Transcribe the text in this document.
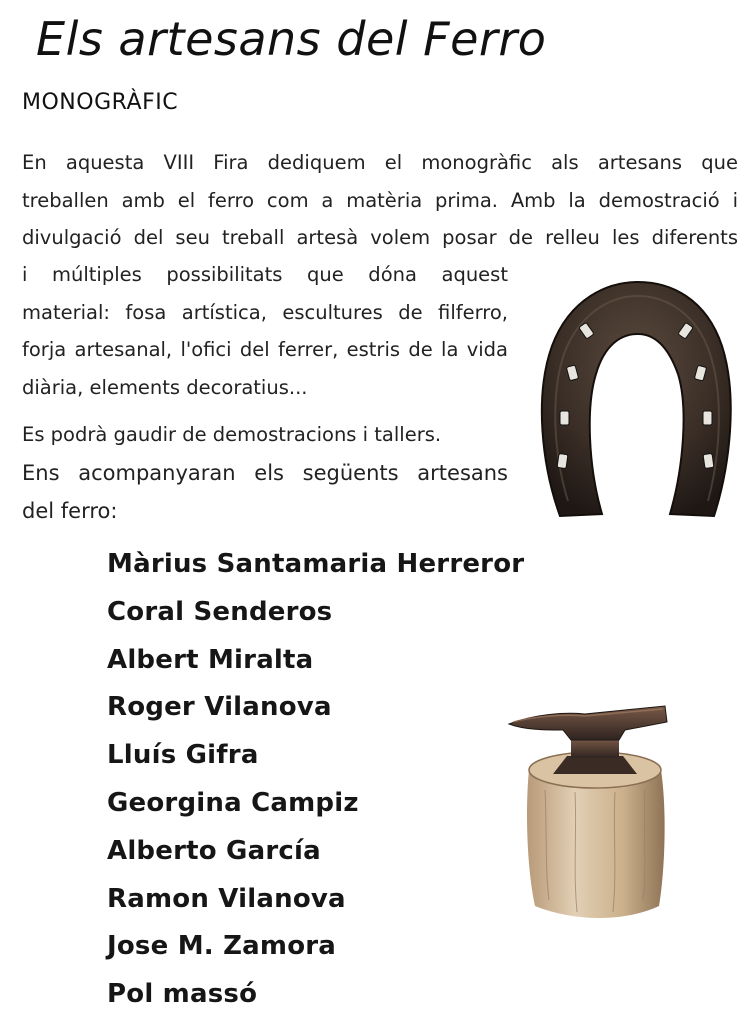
Els artesans del Ferro
MONOGRÀFIC

En aquesta VIII Fira dediquem el monogràfic als artesans que
treballen amb el ferro com a matèria prima. Amb la demostració i
divulgació del seu treball artesà volem posar de relleu les diferents

i múltiples possibilitats que dóna aquest
material: fosa artística, escultures de filferro,
forja artesanal, l'ofici del ferrer, estris de la vida
diària, elements decoratius...

Es podrà gaudir de demostracions i tallers.

Ens acompanyaran els següents artesans
del ferro:

Màrius Santamaria Herreror
Coral Senderos
Albert Miralta
Roger Vilanova
Lluís Gifra
Georgina Campiz
Alberto García
Ramon Vilanova
Jose M. Zamora
Pol massó
